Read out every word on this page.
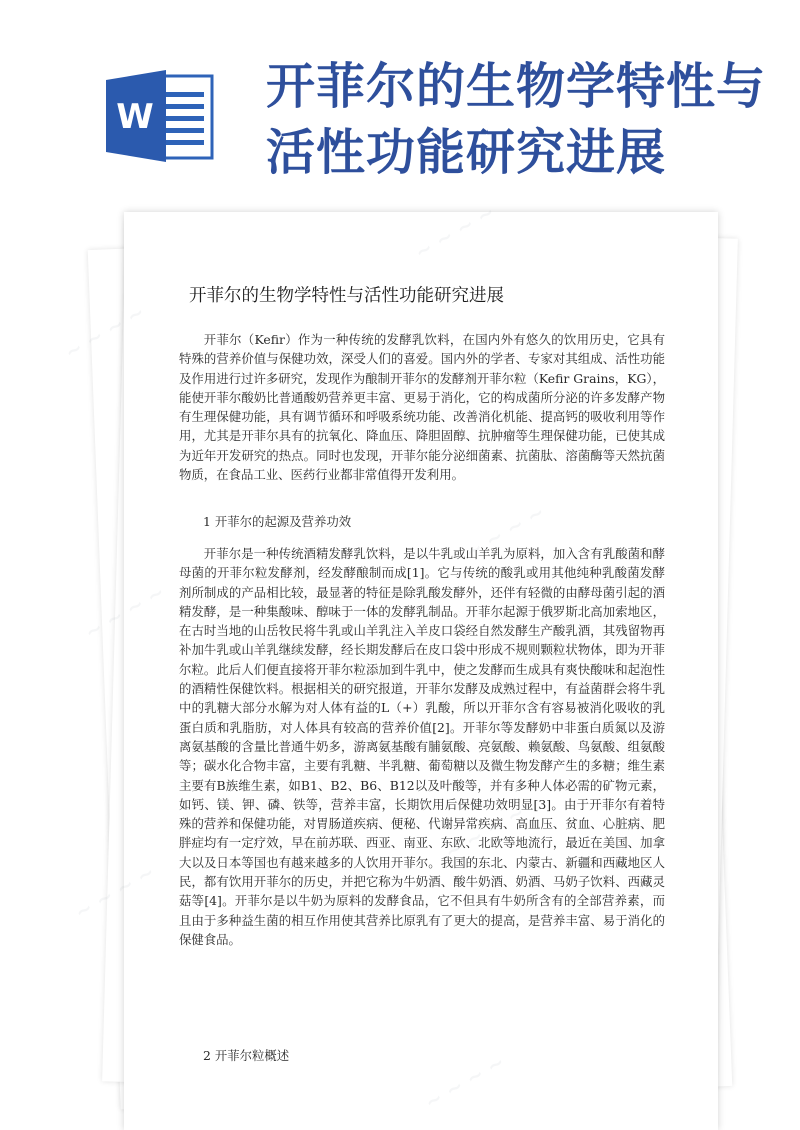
W
开菲尔的生物学特性与活性功能研究进展
开菲尔的生物学特性与活性功能研究进展

开菲尔（Kefir）作为一种传统的发酵乳饮料，在国内外有悠久的饮用历史，它具有特殊的营养价值与保健功效，深受人们的喜爱。国内外的学者、专家对其组成、活性功能及作用进行过许多研究，发现作为酿制开菲尔的发酵剂开菲尔粒（Kefir Grains，KG），能使开菲尔酸奶比普通酸奶营养更丰富、更易于消化，它的构成菌所分泌的许多发酵产物有生理保健功能，具有调节循环和呼吸系统功能、改善消化机能、提高钙的吸收利用等作用，尤其是开菲尔具有的抗氧化、降血压、降胆固醇、抗肿瘤等生理保健功能，已使其成为近年开发研究的热点。同时也发现，开菲尔能分泌细菌素、抗菌肽、溶菌酶等天然抗菌物质，在食品工业、医药行业都非常值得开发利用。

1 开菲尔的起源及营养功效

开菲尔是一种传统酒精发酵乳饮料，是以牛乳或山羊乳为原料，加入含有乳酸菌和酵母菌的开菲尔粒发酵剂，经发酵酿制而成[1]。它与传统的酸乳或用其他纯种乳酸菌发酵剂所制成的产品相比较，最显著的特征是除乳酸发酵外，还伴有轻微的由酵母菌引起的酒精发酵，是一种集酸味、醇味于一体的发酵乳制品。开菲尔起源于俄罗斯北高加索地区，在古时当地的山岳牧民将牛乳或山羊乳注入羊皮口袋经自然发酵生产酸乳酒，其残留物再补加牛乳或山羊乳继续发酵，经长期发酵后在皮口袋中形成不规则颗粒状物体，即为开菲尔粒。此后人们便直接将开菲尔粒添加到牛乳中，使之发酵而生成具有爽快酸味和起泡性的酒精性保健饮料。根据相关的研究报道，开菲尔发酵及成熟过程中，有益菌群会将牛乳中的乳糖大部分水解为对人体有益的L（+）乳酸，所以开菲尔含有容易被消化吸收的乳蛋白质和乳脂肪，对人体具有较高的营养价值[2]。开菲尔等发酵奶中非蛋白质氮以及游离氨基酸的含量比普通牛奶多，游离氨基酸有脯氨酸、亮氨酸、赖氨酸、鸟氨酸、组氨酸等；碳水化合物丰富，主要有乳糖、半乳糖、葡萄糖以及微生物发酵产生的多糖；维生素主要有B族维生素，如B1、B2、B6、B12以及叶酸等，并有多种人体必需的矿物元素，如钙、镁、钾、磷、铁等，营养丰富，长期饮用后保健功效明显[3]。由于开菲尔有着特殊的营养和保健功能，对胃肠道疾病、便秘、代谢异常疾病、高血压、贫血、心脏病、肥胖症均有一定疗效，早在前苏联、西亚、南亚、东欧、北欧等地流行，最近在美国、加拿大以及日本等国也有越来越多的人饮用开菲尔。我国的东北、内蒙古、新疆和西藏地区人民，都有饮用开菲尔的历史，并把它称为牛奶酒、酸牛奶酒、奶酒、马奶子饮料、西藏灵菇等[4]。开菲尔是以牛奶为原料的发酵食品，它不但具有牛奶所含有的全部营养素，而且由于多种益生菌的相互作用使其营养比原乳有了更大的提高，是营养丰富、易于消化的保健食品。

2 开菲尔粒概述

~
~
~ ~
